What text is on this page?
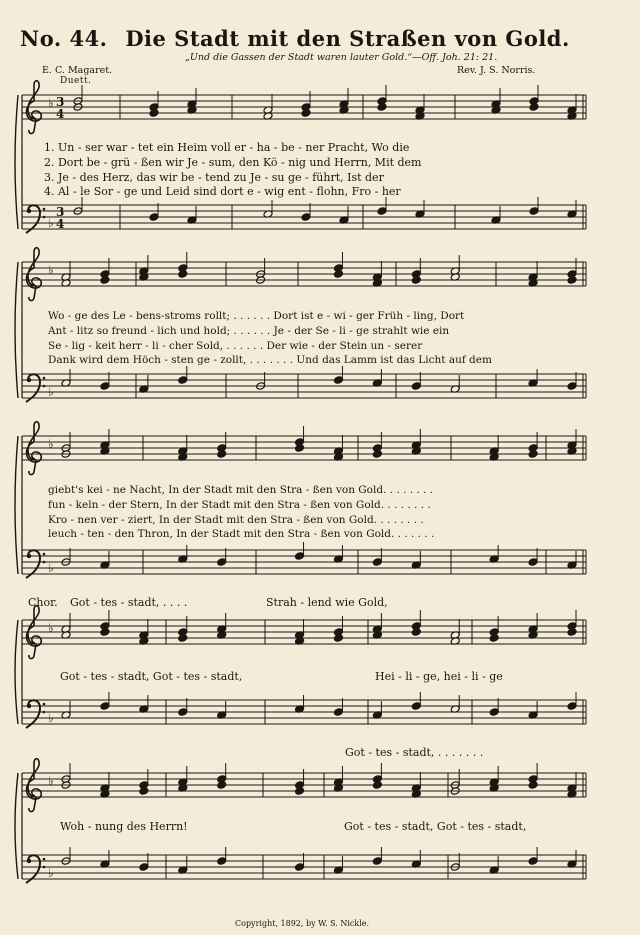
No. 44. Die Stadt mit den Straßen von Gold.
„Und die Gassen der Stadt waren lauter Gold.“—Off. Joh. 21: 21.
E. C. Magaret.	Rev. J. S. Norris.
Duett.
♭
♭
3
4
3
4
♭
♭
♭
♭
♭
♭
♭
♭
1. Un - ser war - tet ein Heim voll er - ha - be - ner Pracht, Wo die
2. Dort be - grü - ßen wir Je - sum, den Kö - nig und Herrn, Mit dem
3. Je - des Herz, das wir be - tend zu Je - su ge - führt, Ist der
4. Al - le Sor - ge und Leid sind dort e - wig ent - flohn, Fro - her
Wo - ge des Le - bens-stroms rollt; . . . . . . Dort ist e - wi - ger Früh - ling, Dort
Ant - litz so freund - lich und hold; . . . . . . Je - der Se - li - ge strahlt wie ein
Se - lig - keit herr - li - cher Sold, . . . . . . Der wie - der Stein un - serer
Dank wird dem Höch - sten ge - zollt, . . . . . . . Und das Lamm ist das Licht auf dem
giebt's kei - ne Nacht, In der Stadt mit den Stra - ßen von Gold. . . . . . . .
fun - keln - der Stern, In der Stadt mit den Stra - ßen von Gold. . . . . . . .
Kro - nen ver - ziert, In der Stadt mit den Stra - ßen von Gold. . . . . . . .
leuch - ten - den Thron, In der Stadt mit den Stra - ßen von Gold. . . . . . .
Chor. Got - tes - stadt, . . . .	Strah - lend wie Gold,
Got - tes - stadt, Got - tes - stadt,	Hei - li - ge, hei - li - ge
Got - tes - stadt, . . . . . . .
Woh - nung des Herrn!	Got - tes - stadt, Got - tes - stadt,
Copyright, 1892, by W. S. Nickle.
